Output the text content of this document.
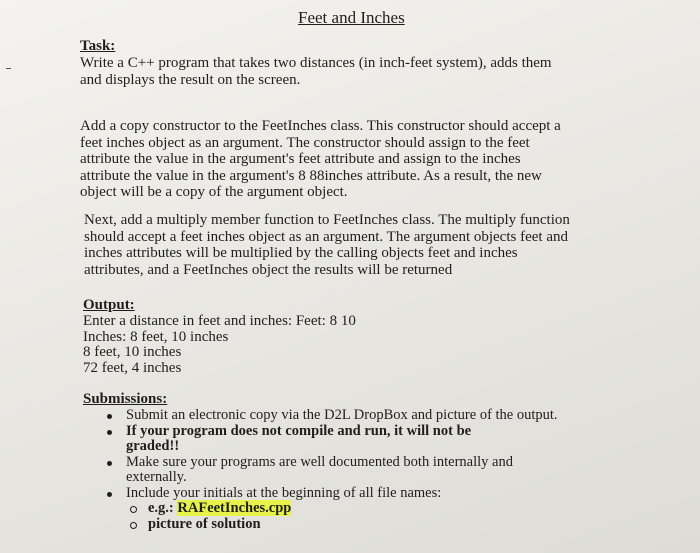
Feet and Inches
Task:
Write a C++ program that takes two distances (in inch-feet system), adds them
and displays the result on the screen.
Add a copy constructor to the FeetInches class. This constructor should accept a
feet inches object as an argument. The constructor should assign to the feet
attribute the value in the argument's feet attribute and assign to the inches
attribute the value in the argument's 8 88inches attribute. As a result, the new
object will be a copy of the argument object.
Next, add a multiply member function to FeetInches class. The multiply function
should accept a feet inches object as an argument. The argument objects feet and
inches attributes will be multiplied by the calling objects feet and inches
attributes, and a FeetInches object the results will be returned
Output:
Enter a distance in feet and inches: Feet: 8 10
Inches: 8 feet, 10 inches
8 feet, 10 inches
72 feet, 4 inches
Submissions:
Submit an electronic copy via the D2L DropBox and picture of the output.
If your program does not compile and run, it will not be
graded!!
Make sure your programs are well documented both internally and
externally.
Include your initials at the beginning of all file names:
e.g.: RAFeetInches.cpp
picture of solution
